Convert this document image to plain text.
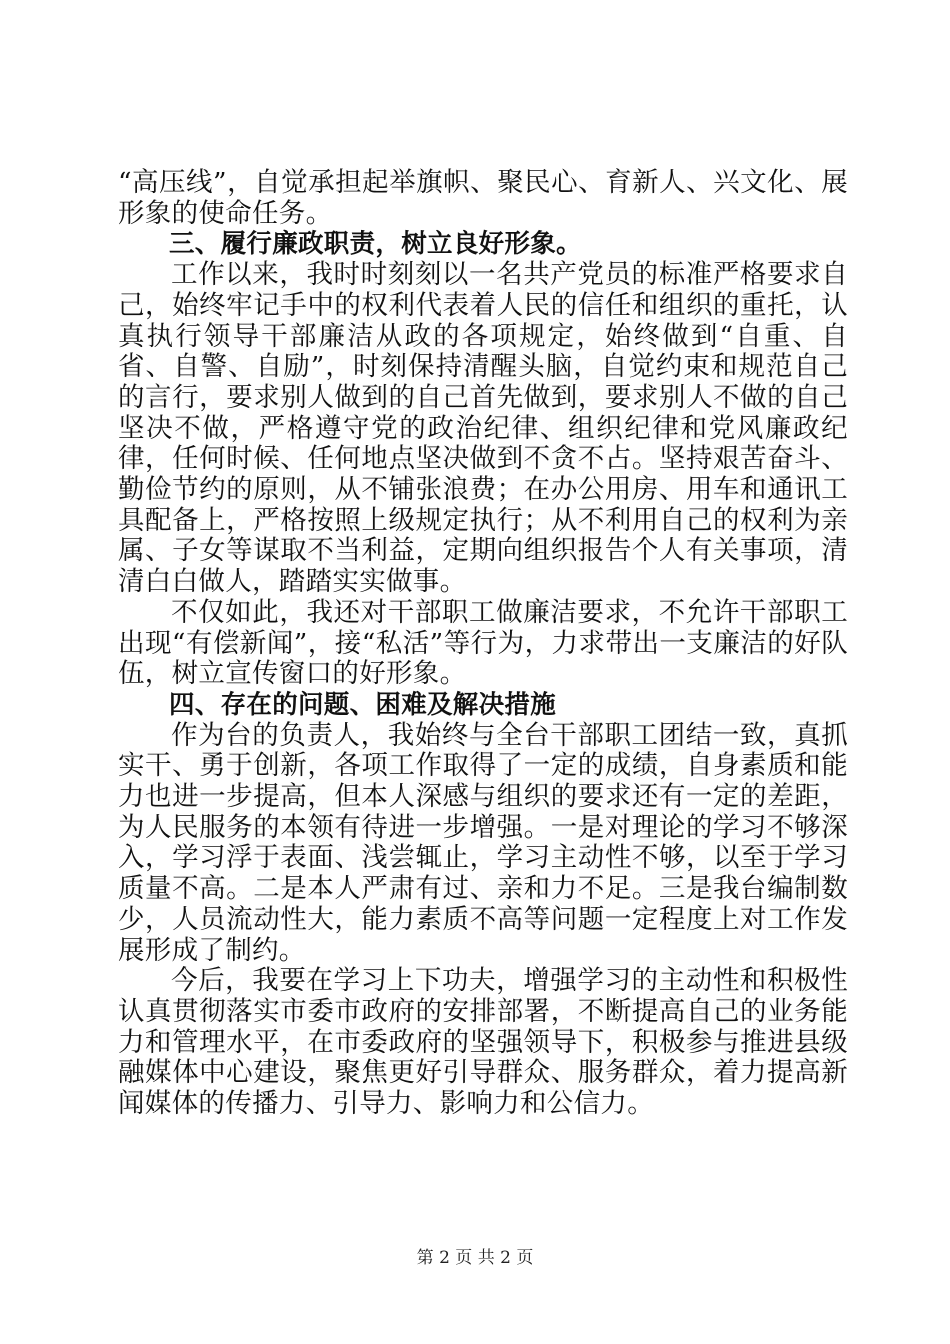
“高压线”，自觉承担起举旗帜、聚民心、育新人、兴文化、展形象的使命任务。

三、履行廉政职责，树立良好形象。

工作以来，我时时刻刻以一名共产党员的标准严格要求自己，始终牢记手中的权利代表着人民的信任和组织的重托，认真执行领导干部廉洁从政的各项规定，始终做到“自重、自省、自警、自励”，时刻保持清醒头脑，自觉约束和规范自己的言行，要求别人做到的自己首先做到，要求别人不做的自己坚决不做，严格遵守党的政治纪律、组织纪律和党风廉政纪律，任何时候、任何地点坚决做到不贪不占。坚持艰苦奋斗、勤俭节约的原则，从不铺张浪费；在办公用房、用车和通讯工具配备上，严格按照上级规定执行；从不利用自己的权利为亲属、子女等谋取不当利益，定期向组织报告个人有关事项，清清白白做人，踏踏实实做事。

不仅如此，我还对干部职工做廉洁要求，不允许干部职工出现“有偿新闻”，接“私活”等行为，力求带出一支廉洁的好队伍，树立宣传窗口的好形象。

四、存在的问题、困难及解决措施

作为台的负责人，我始终与全台干部职工团结一致，真抓实干、勇于创新，各项工作取得了一定的成绩，自身素质和能力也进一步提高，但本人深感与组织的要求还有一定的差距，为人民服务的本领有待进一步增强。一是对理论的学习不够深入，学习浮于表面、浅尝辄止，学习主动性不够，以至于学习质量不高。二是本人严肃有过、亲和力不足。三是我台编制数少，人员流动性大，能力素质不高等问题一定程度上对工作发展形成了制约。

今后，我要在学习上下功夫，增强学习的主动性和积极性认真贯彻落实市委市政府的安排部署，不断提高自己的业务能力和管理水平，在市委政府的坚强领导下，积极参与推进县级融媒体中心建设，聚焦更好引导群众、服务群众，着力提高新闻媒体的传播力、引导力、影响力和公信力。

第 2 页 共 2 页
